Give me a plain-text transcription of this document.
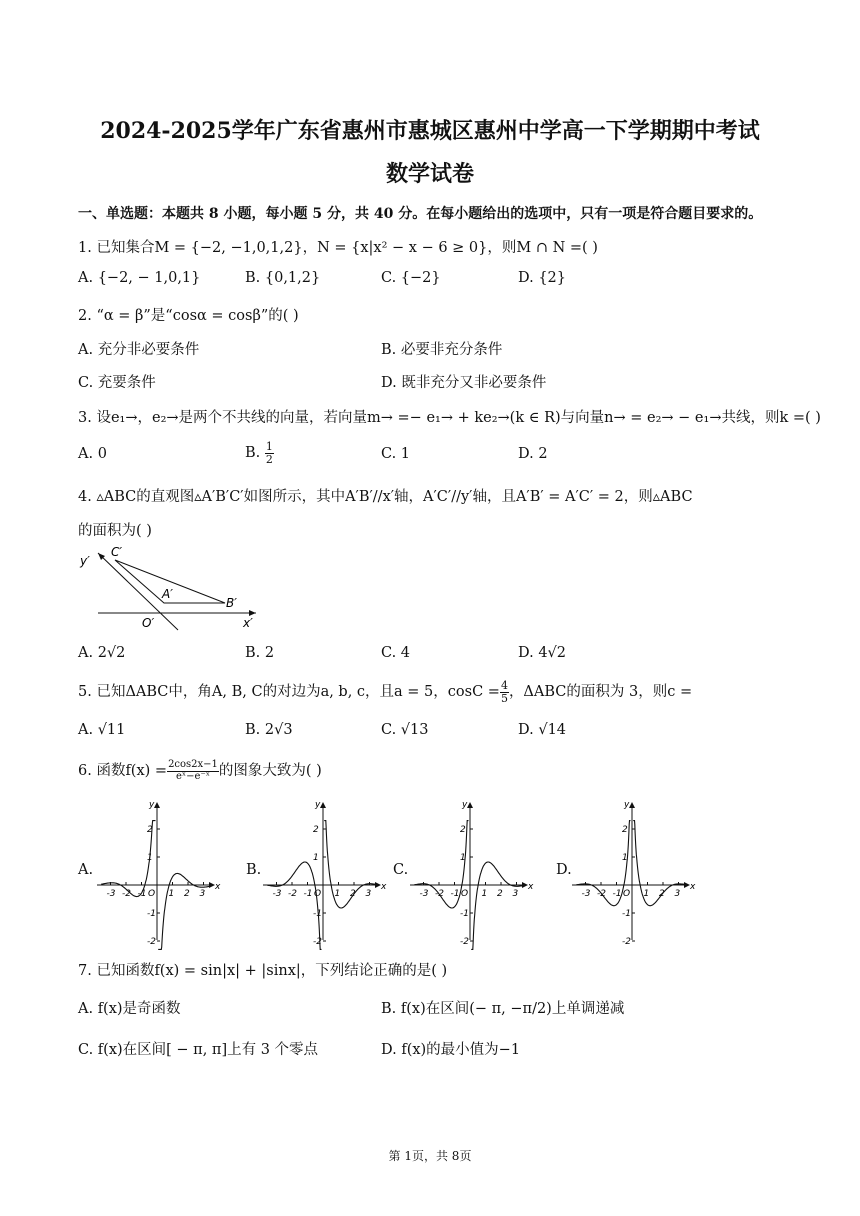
2024-2025学年广东省惠州市惠城区惠州中学高一下学期期中考试
数学试卷
一、单选题：本题共 8 小题，每小题 5 分，共 40 分。在每小题给出的选项中，只有一项是符合题目要求的。
1. 已知集合M = {−2, −1,0,1,2}，N = {x|x² − x − 6 ≥ 0}，则M ∩ N =( )
A. {−2, − 1,0,1}	B. {0,1,2}	C. {−2}	D. {2}
2. “α = β”是“cosα = cosβ”的( )
A. 充分非必要条件	B. 必要非充分条件
C. 充要条件	D. 既非充分又非必要条件
3. 设e₁→，e₂→是两个不共线的向量，若向量m→ =− e₁→ + ke₂→(k ∈ R)与向量n→ = e₂→ − e₁→共线，则k =( )
A. 0	B. $\frac{1}{2}$	C. 1	D. 2
4. ▵ABC的直观图▵A′B′C′如图所示，其中A′B′//x′轴，A′C′//y′轴，且A′B′ = A′C′ = 2，则▵ABC
的面积为( )
C′
A′
B′
O′	x′
y′
A. 2√2	B. 2	C. 4	D. 4√2
5. 已知ΔABC中，角A, B, C的对边为a, b, c，且a = 5，$\cos C = \frac{4}{5}$ ，ΔABC的面积为 3，则c =
A. √11	B. 2√3	C. √13	D. √14
6. 函数$f(x) = \frac{2\cos 2x-1}{\text{eˣ−e⁻ˣ}}$ 的图象大致为( )
A.	B.	C.	D.
-3 -2 -1 1 2 3
2
1
-1
-2
x
y
O	-3 -2 -1 1 2 3
2
1
-1
-2
x
y
O	-3 -2 -1 1 2 3
2
1
-1
-2
x
y
O	-3 -2 -1 1 2 3
2
1
-1
-2
x
y
O
7. 已知函数f(x) = sin|x| + |sinx|，下列结论正确的是( )
A. f(x)是奇函数	B. f(x)在区间(− π, −π/2)上单调递减
C. f(x)在区间[ − π, π]上有 3 个零点	D. f(x)的最小值为−1
第 1页，共 8页
